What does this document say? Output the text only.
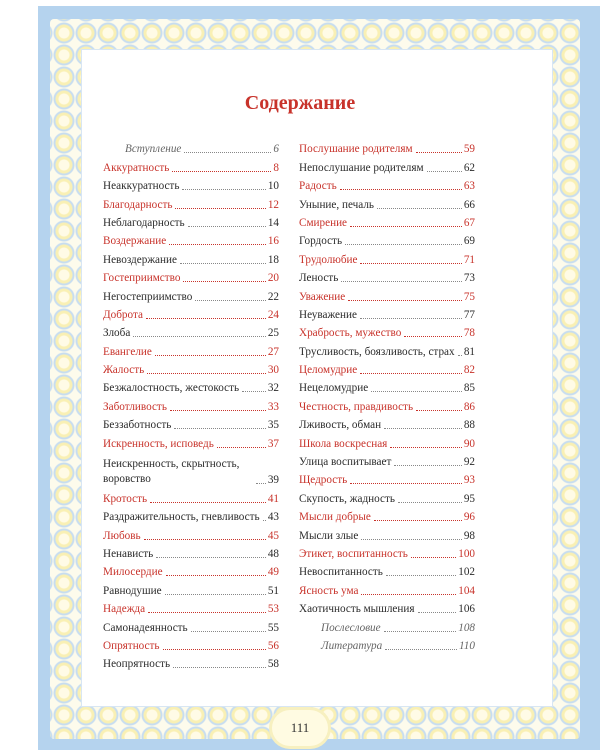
Содержание
Вступление	6
Аккуратность	8
Неаккуратность	10
Благодарность	12
Неблагодарность	14
Воздержание	16
Невоздержание	18
Гостеприимство	20
Негостеприимство	22
Доброта	24
Злоба	25
Евангелие	27
Жалость	30
Безжалостность, жестокость	32
Заботливость	33
Беззаботность	35
Искренность, исповедь	37
Неискренность, скрытность, воровство	39
Кротость	41
Раздражительность, гневливость 43
Любовь	45
Ненависть	48
Милосердие	49
Равнодушие	51
Надежда	53
Самонадеянность	55
Опрятность	56
Неопрятность	58
Послушание родителям	59
Непослушание родителям	62
Радость	63
Уныние, печаль	66
Смирение	67
Гордость	69
Трудолюбие	71
Леность	73
Уважение	75
Неуважение	77
Храбрость, мужество	78
Трусливость, боязливость, страх 81
Целомудрие	82
Нецеломудрие	85
Честность, правдивость	86
Лживость, обман	88
Школа воскресная	90
Улица воспитывает	92
Щедрость	93
Скупость, жадность	95
Мысли добрые	96
Мысли злые	98
Этикет, воспитанность	100
Невоспитанность	102
Ясность ума	104
Хаотичность мышления	106
Послесловие	108
Литература	110
111
